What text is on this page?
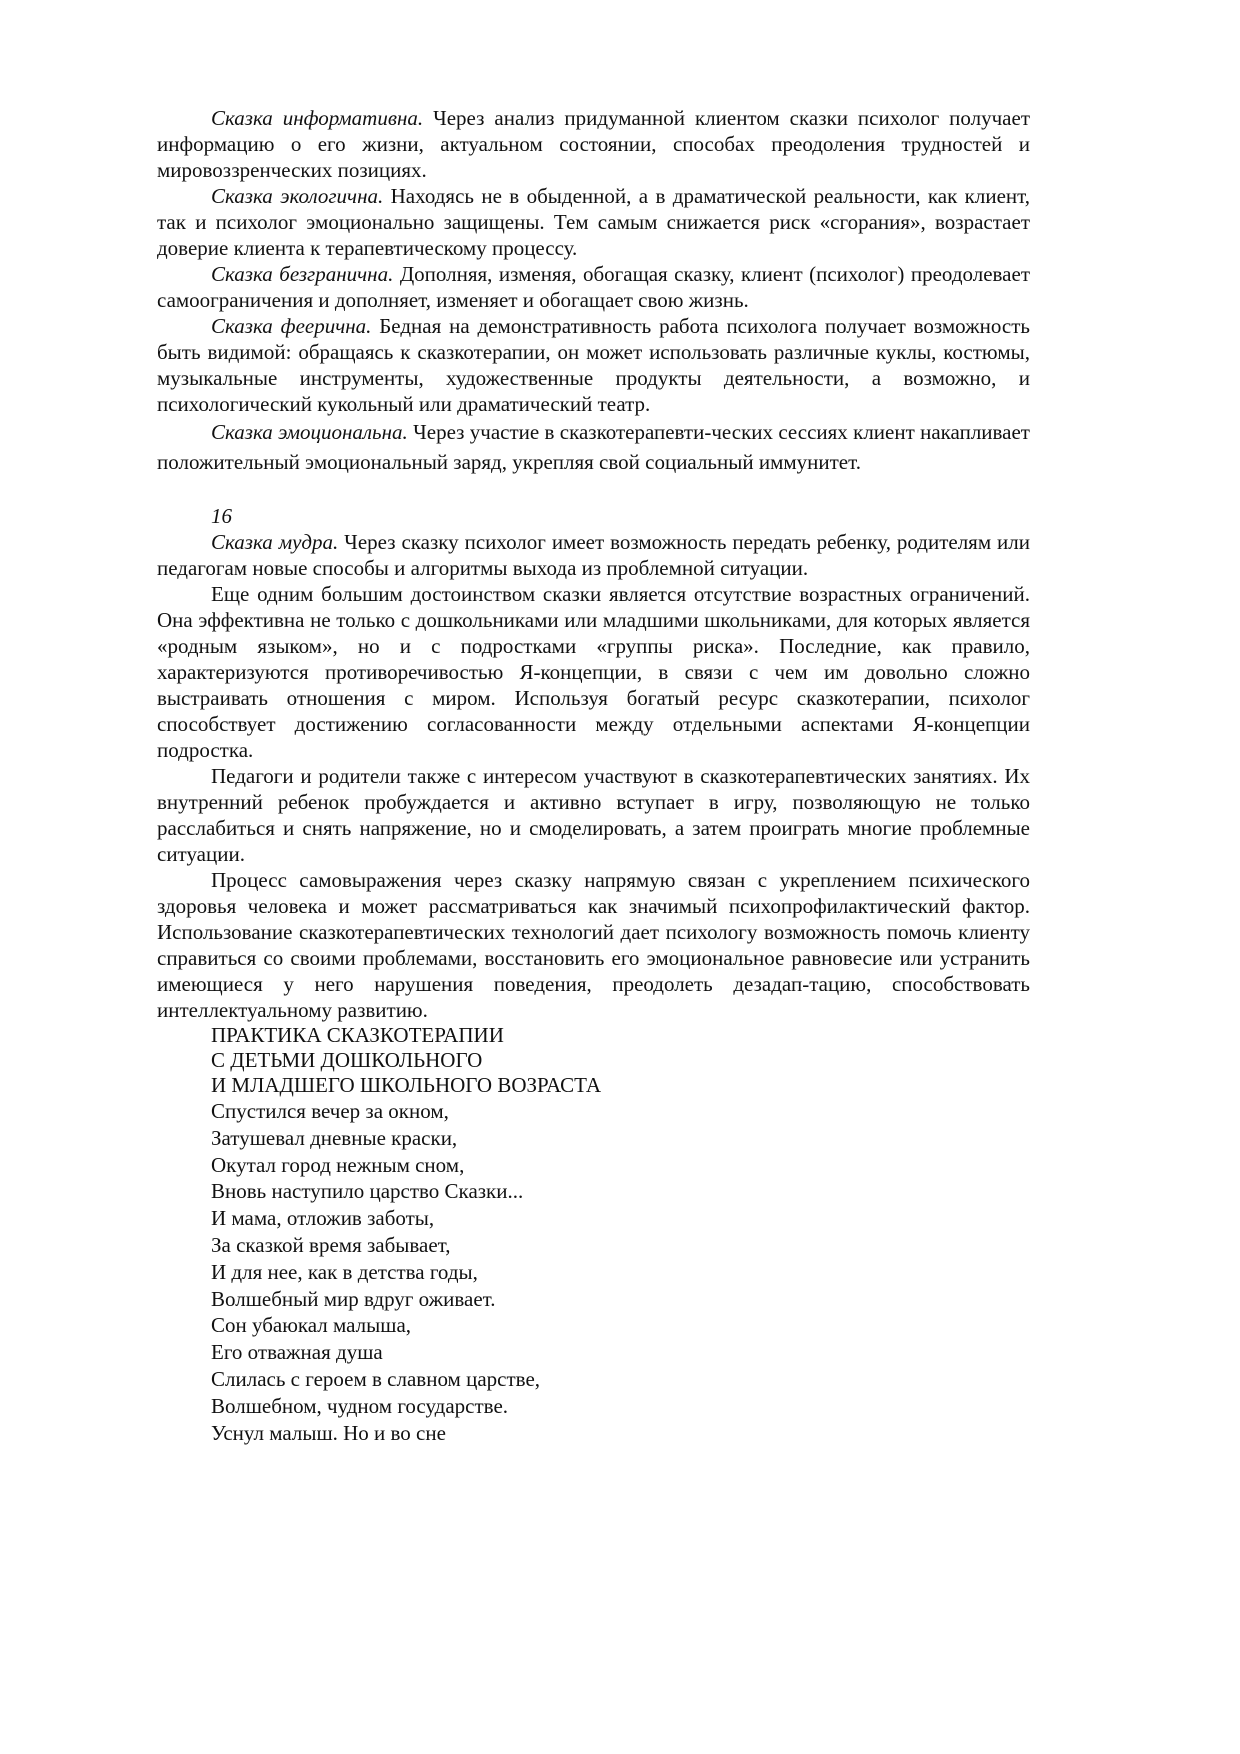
Сказка информативна. Через анализ придуманной клиентом сказки психолог получает информацию о его жизни, актуальном состоянии, способах преодоления трудностей и мировоззренческих позициях.

Сказка экологична. Находясь не в обыденной, а в драматической реальности, как клиент, так и психолог эмоционально защищены. Тем самым снижается риск «сгорания», возрастает доверие клиента к терапевтическому процессу.

Сказка безгранична. Дополняя, изменяя, обогащая сказку, клиент (психолог) преодолевает самоограничения и дополняет, изменяет и обогащает свою жизнь.

Сказка феерична. Бедная на демонстративность работа психолога получает возможность быть видимой: обращаясь к сказкотерапии, он может использовать различные куклы, костюмы, музыкальные инструменты, художественные продукты деятельности, а возможно, и психологический кукольный или драматический театр.

Сказка эмоциональна. Через участие в сказкотерапевти-ческих сессиях клиент накапливает положительный эмоциональный заряд, укрепляя свой социальный иммунитет.

16

Сказка мудра. Через сказку психолог имеет возможность передать ребенку, родителям или педагогам новые способы и алгоритмы выхода из проблемной ситуации.

Еще одним большим достоинством сказки является отсутствие возрастных ограничений. Она эффективна не только с дошкольниками или младшими школьниками, для которых является «родным языком», но и с подростками «группы риска». Последние, как правило, характеризуются противоречивостью Я-концепции, в связи с чем им довольно сложно выстраивать отношения с миром. Используя богатый ресурс сказкотерапии, психолог способствует достижению согласованности между отдельными аспектами Я-концепции подростка.

Педагоги и родители также с интересом участвуют в сказкотерапевтических занятиях. Их внутренний ребенок пробуждается и активно вступает в игру, позволяющую не только расслабиться и снять напряжение, но и смоделировать, а затем проиграть многие проблемные ситуации.

Процесс самовыражения через сказку напрямую связан с укреплением психического здоровья человека и может рассматриваться как значимый психопрофилактический фактор. Использование сказкотерапевтических технологий дает психологу возможность помочь клиенту справиться со своими проблемами, восстановить его эмоциональное равновесие или устранить имеющиеся у него нарушения поведения, преодолеть дезадап-тацию, способствовать интеллектуальному развитию.

ПРАКТИКА СКАЗКОТЕРАПИИ
С ДЕТЬМИ ДОШКОЛЬНОГО
И МЛАДШЕГО ШКОЛЬНОГО ВОЗРАСТА
Спустился вечер за окном,
Затушевал дневные краски,
Окутал город нежным сном,
Вновь наступило царство Сказки...
И мама, отложив заботы,
За сказкой время забывает,
И для нее, как в детства годы,
Волшебный мир вдруг оживает.
Сон убаюкал малыша,
Его отважная душа
Слилась с героем в славном царстве,
Волшебном, чудном государстве.
Уснул малыш. Но и во сне
